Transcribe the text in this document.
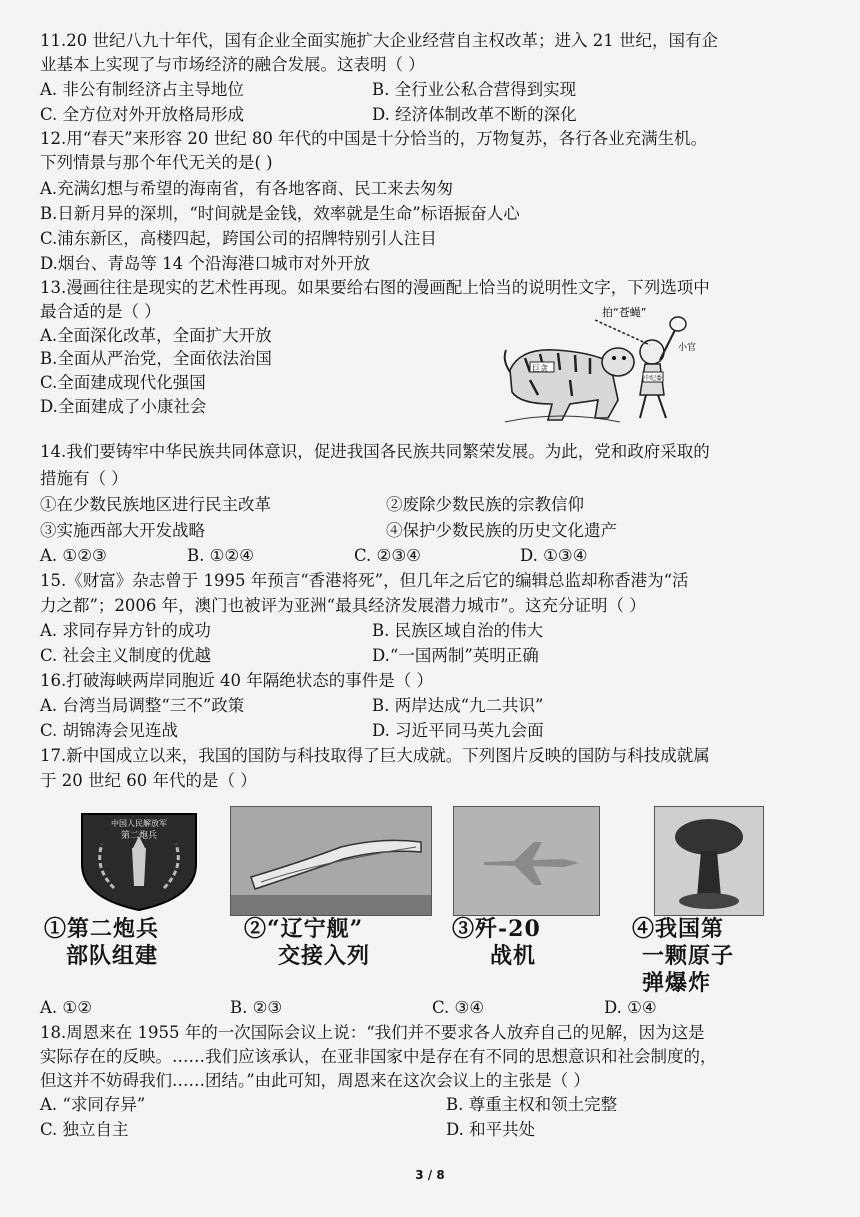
11.20 世纪八九十年代，国有企业全面实施扩大企业经营自主权改革；进入 21 世纪，国有企
业基本上实现了与市场经济的融合发展。这表明（ ）
A. 非公有制经济占主导地位	B. 全行业公私合营得到实现
C. 全方位对外开放格局形成	D. 经济体制改革不断的深化
12.用“春天”来形容 20 世纪 80 年代的中国是十分恰当的，万物复苏，各行各业充满生机。
下列情景与那个年代无关的是( )
A.充满幻想与希望的海南省，有各地客商、民工来去匆匆
B.日新月异的深圳，“时间就是金钱，效率就是生命”标语振奋人心
C.浦东新区，高楼四起，跨国公司的招牌特别引人注目
D.烟台、青岛等 14 个沿海港口城市对外开放
13.漫画往往是现实的艺术性再现。如果要给右图的漫画配上恰当的说明性文字，下列选项中
最合适的是（ ）
A.全面深化改革，全面扩大开放
B.全面从严治党，全面依法治国
C.全面建成现代化强国
D.全面建成了小康社会
拍“苍蝇”
小官
巨贪
中纪委
14.我们要铸牢中华民族共同体意识，促进我国各民族共同繁荣发展。为此，党和政府采取的
措施有（ ）
①在少数民族地区进行民主改革	②废除少数民族的宗教信仰
③实施西部大开发战略	④保护少数民族的历史文化遗产
A. ①②③	B. ①②④	C. ②③④	D. ①③④
15.《财富》杂志曾于 1995 年预言“香港将死”，但几年之后它的编辑总监却称香港为“活
力之都”；2006 年，澳门也被评为亚洲“最具经济发展潜力城市”。这充分证明（ ）
A. 求同存异方针的成功	B. 民族区域自治的伟大
C. 社会主义制度的优越	D.“一国两制”英明正确
16.打破海峡两岸同胞近 40 年隔绝状态的事件是（ ）
A. 台湾当局调整“三不”政策	B. 两岸达成“九二共识”
C. 胡锦涛会见连战	D. 习近平同马英九会面
17.新中国成立以来，我国的国防与科技取得了巨大成就。下列图片反映的国防与科技成就属
于 20 世纪 60 年代的是（ ）
中国人民解放军
第二炮兵
①第二炮兵
部队组建
②“辽宁舰”
交接入列
③歼-20
战机
④我国第
一颗原子
弹爆炸
A. ①②	B. ②③	C. ③④	D. ①④
18.周恩来在 1955 年的一次国际会议上说：“我们并不要求各人放弃自己的见解，因为这是
实际存在的反映。……我们应该承认，在亚非国家中是存在有不同的思想意识和社会制度的，
但这并不妨碍我们……团结。”由此可知，周恩来在这次会议上的主张是（ ）
A. “求同存异”	B. 尊重主权和领土完整
C. 独立自主	D. 和平共处
3 / 8
